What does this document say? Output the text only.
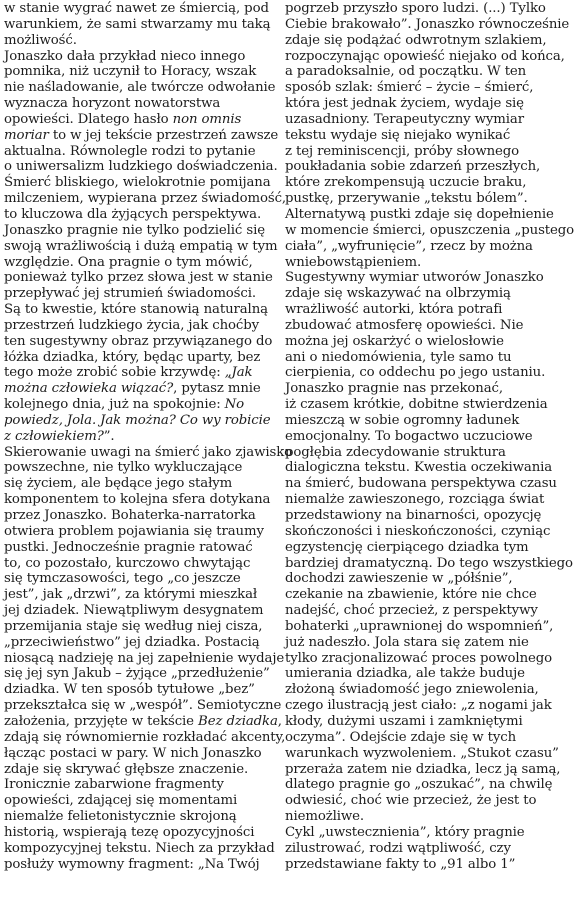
w stanie wygrać nawet ze śmiercią, pod
warunkiem, że sami stwarzamy mu taką
możliwość.
Jonaszko dała przykład nieco innego
pomnika, niż uczynił to Horacy, wszak
nie naśladowanie, ale twórcze odwołanie
wyznacza horyzont nowatorstwa
opowieści. Dlatego hasło non omnis
moriar to w jej tekście przestrzeń zawsze
aktualna. Równolegle rodzi to pytanie
o uniwersalizm ludzkiego doświadczenia.
Śmierć bliskiego, wielokrotnie pomijana
milczeniem, wypierana przez świadomość,
to kluczowa dla żyjących perspektywa.
Jonaszko pragnie nie tylko podzielić się
swoją wrażliwością i dużą empatią w tym
względzie. Ona pragnie o tym mówić,
ponieważ tylko przez słowa jest w stanie
przepływać jej strumień świadomości.
Są to kwestie, które stanowią naturalną
przestrzeń ludzkiego życia, jak choćby
ten sugestywny obraz przywiązanego do
łóżka dziadka, który, będąc uparty, bez
tego może zrobić sobie krzywdę: „Jak
można człowieka wiązać?, pytasz mnie
kolejnego dnia, już na spokojnie: No
powiedz, Jola. Jak można? Co wy robicie
z człowiekiem?”.
Skierowanie uwagi na śmierć jako zjawisko
powszechne, nie tylko wykluczające
się życiem, ale będące jego stałym
komponentem to kolejna sfera dotykana
przez Jonaszko. Bohaterka-narratorka
otwiera problem pojawiania się traumy
pustki. Jednocześnie pragnie ratować
to, co pozostało, kurczowo chwytając
się tymczasowości, tego „co jeszcze
jest”, jak „drzwi”, za którymi mieszkał
jej dziadek. Niewątpliwym desygnatem
przemijania staje się według niej cisza,
„przeciwieństwo” jej dziadka. Postacią
niosącą nadzieję na jej zapełnienie wydaje
się jej syn Jakub – żyjące „przedłużenie”
dziadka. W ten sposób tytułowe „bez”
przekształca się w „wespół”. Semiotyczne
założenia, przyjęte w tekście Bez dziadka,
zdają się równomiernie rozkładać akcenty,
łącząc postaci w pary. W nich Jonaszko
zdaje się skrywać głębsze znaczenie.
Ironicznie zabarwione fragmenty
opowieści, zdającej się momentami
niemalże felietonistycznie skrojoną
historią, wspierają tezę opozycyjności
kompozycyjnej tekstu. Niech za przykład
posłuży wymowny fragment: „Na Twój
pogrzeb przyszło sporo ludzi. (...) Tylko
Ciebie brakowało”. Jonaszko równocześnie
zdaje się podążać odwrotnym szlakiem,
rozpoczynając opowieść niejako od końca,
a paradoksalnie, od początku. W ten
sposób szlak: śmierć – życie – śmierć,
która jest jednak życiem, wydaje się
uzasadniony. Terapeutyczny wymiar
tekstu wydaje się niejako wynikać
z tej reminiscencji, próby słownego
poukładania sobie zdarzeń przeszłych,
które zrekompensują uczucie braku,
pustkę, przerywanie „tekstu bólem”.
Alternatywą pustki zdaje się dopełnienie
w momencie śmierci, opuszczenia „pustego
ciała”, „wyfrunięcie”, rzecz by można
wniebowstąpieniem.
Sugestywny wymiar utworów Jonaszko
zdaje się wskazywać na olbrzymią
wrażliwość autorki, która potrafi
zbudować atmosferę opowieści. Nie
można jej oskarżyć o wielosłowie
ani o niedomówienia, tyle samo tu
cierpienia, co oddechu po jego ustaniu.
Jonaszko pragnie nas przekonać,
iż czasem krótkie, dobitne stwierdzenia
mieszczą w sobie ogromny ładunek
emocjonalny. To bogactwo uczuciowe
pogłębia zdecydowanie struktura
dialogiczna tekstu. Kwestia oczekiwania
na śmierć, budowana perspektywa czasu
niemalże zawieszonego, rozciąga świat
przedstawiony na binarności, opozycję
skończoności i nieskończoności, czyniąc
egzystencję cierpiącego dziadka tym
bardziej dramatyczną. Do tego wszystkiego
dochodzi zawieszenie w „półśnie”,
czekanie na zbawienie, które nie chce
nadejść, choć przecież, z perspektywy
bohaterki „uprawnionej do wspomnień”,
już nadeszło. Jola stara się zatem nie
tylko zracjonalizować proces powolnego
umierania dziadka, ale także buduje
złożoną świadomość jego zniewolenia,
czego ilustracją jest ciało: „z nogami jak
kłody, dużymi uszami i zamkniętymi
oczyma”. Odejście zdaje się w tych
warunkach wyzwoleniem. „Stukot czasu”
przeraża zatem nie dziadka, lecz ją samą,
dlatego pragnie go „oszukać”, na chwilę
odwiesić, choć wie przecież, że jest to
niemożliwe.
Cykl „uwstecznienia”, który pragnie
zilustrować, rodzi wątpliwość, czy
przedstawiane fakty to „91 albo 1”
